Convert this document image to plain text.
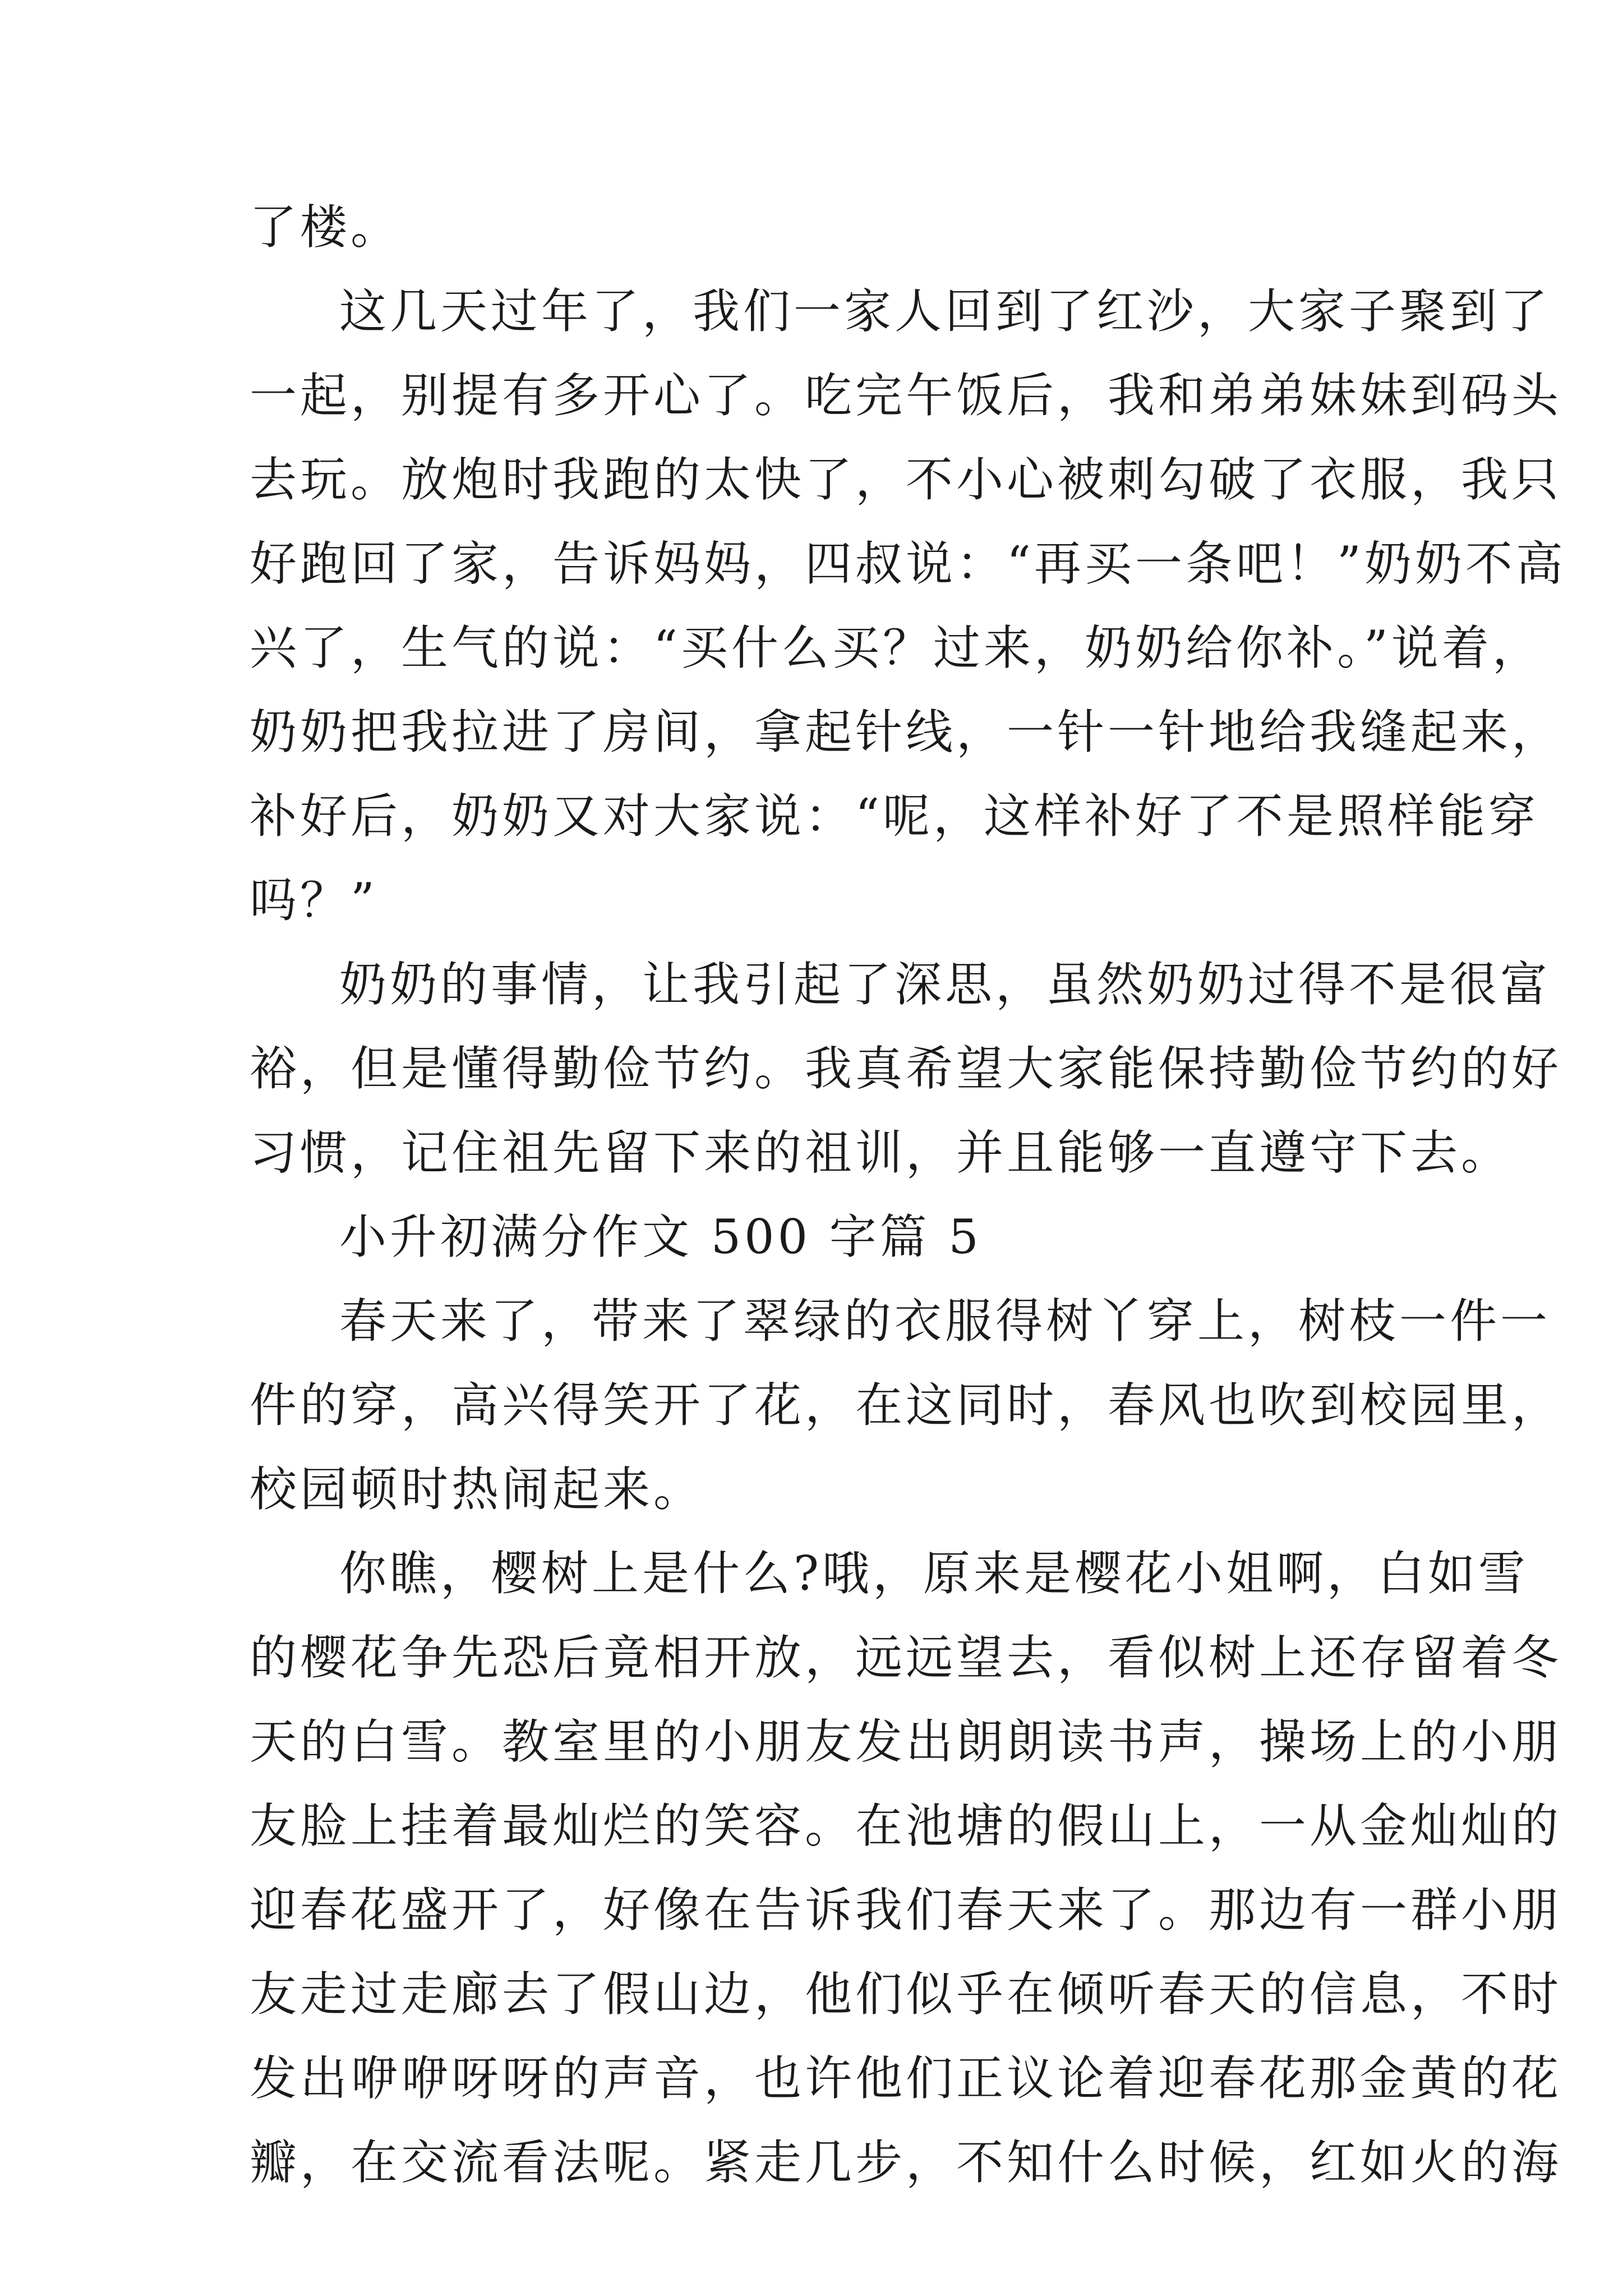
了楼。
这几天过年了，我们一家人回到了红沙，大家子聚到了
一起，别提有多开心了。吃完午饭后，我和弟弟妹妹到码头
去玩。放炮时我跑的太快了，不小心被刺勾破了衣服，我只
好跑回了家，告诉妈妈，四叔说：“再买一条吧！”奶奶不高
兴了，生气的说：“买什么买？过来，奶奶给你补。”说着，
奶奶把我拉进了房间，拿起针线，一针一针地给我缝起来，
补好后，奶奶又对大家说：“呢，这样补好了不是照样能穿
吗？”
奶奶的事情，让我引起了深思，虽然奶奶过得不是很富
裕，但是懂得勤俭节约。我真希望大家能保持勤俭节约的好
习惯，记住祖先留下来的祖训，并且能够一直遵守下去。
小升初满分作文 500 字篇 5
春天来了，带来了翠绿的衣服得树丫穿上，树枝一件一
件的穿，高兴得笑开了花，在这同时，春风也吹到校园里，
校园顿时热闹起来。
你瞧，樱树上是什么?哦，原来是樱花小姐啊，白如雪
的樱花争先恐后竟相开放，远远望去，看似树上还存留着冬
天的白雪。教室里的小朋友发出朗朗读书声，操场上的小朋
友脸上挂着最灿烂的笑容。在池塘的假山上，一从金灿灿的
迎春花盛开了，好像在告诉我们春天来了。那边有一群小朋
友走过走廊去了假山边，他们似乎在倾听春天的信息，不时
发出咿咿呀呀的声音，也许他们正议论着迎春花那金黄的花
瓣，在交流看法呢。紧走几步，不知什么时候，红如火的海
